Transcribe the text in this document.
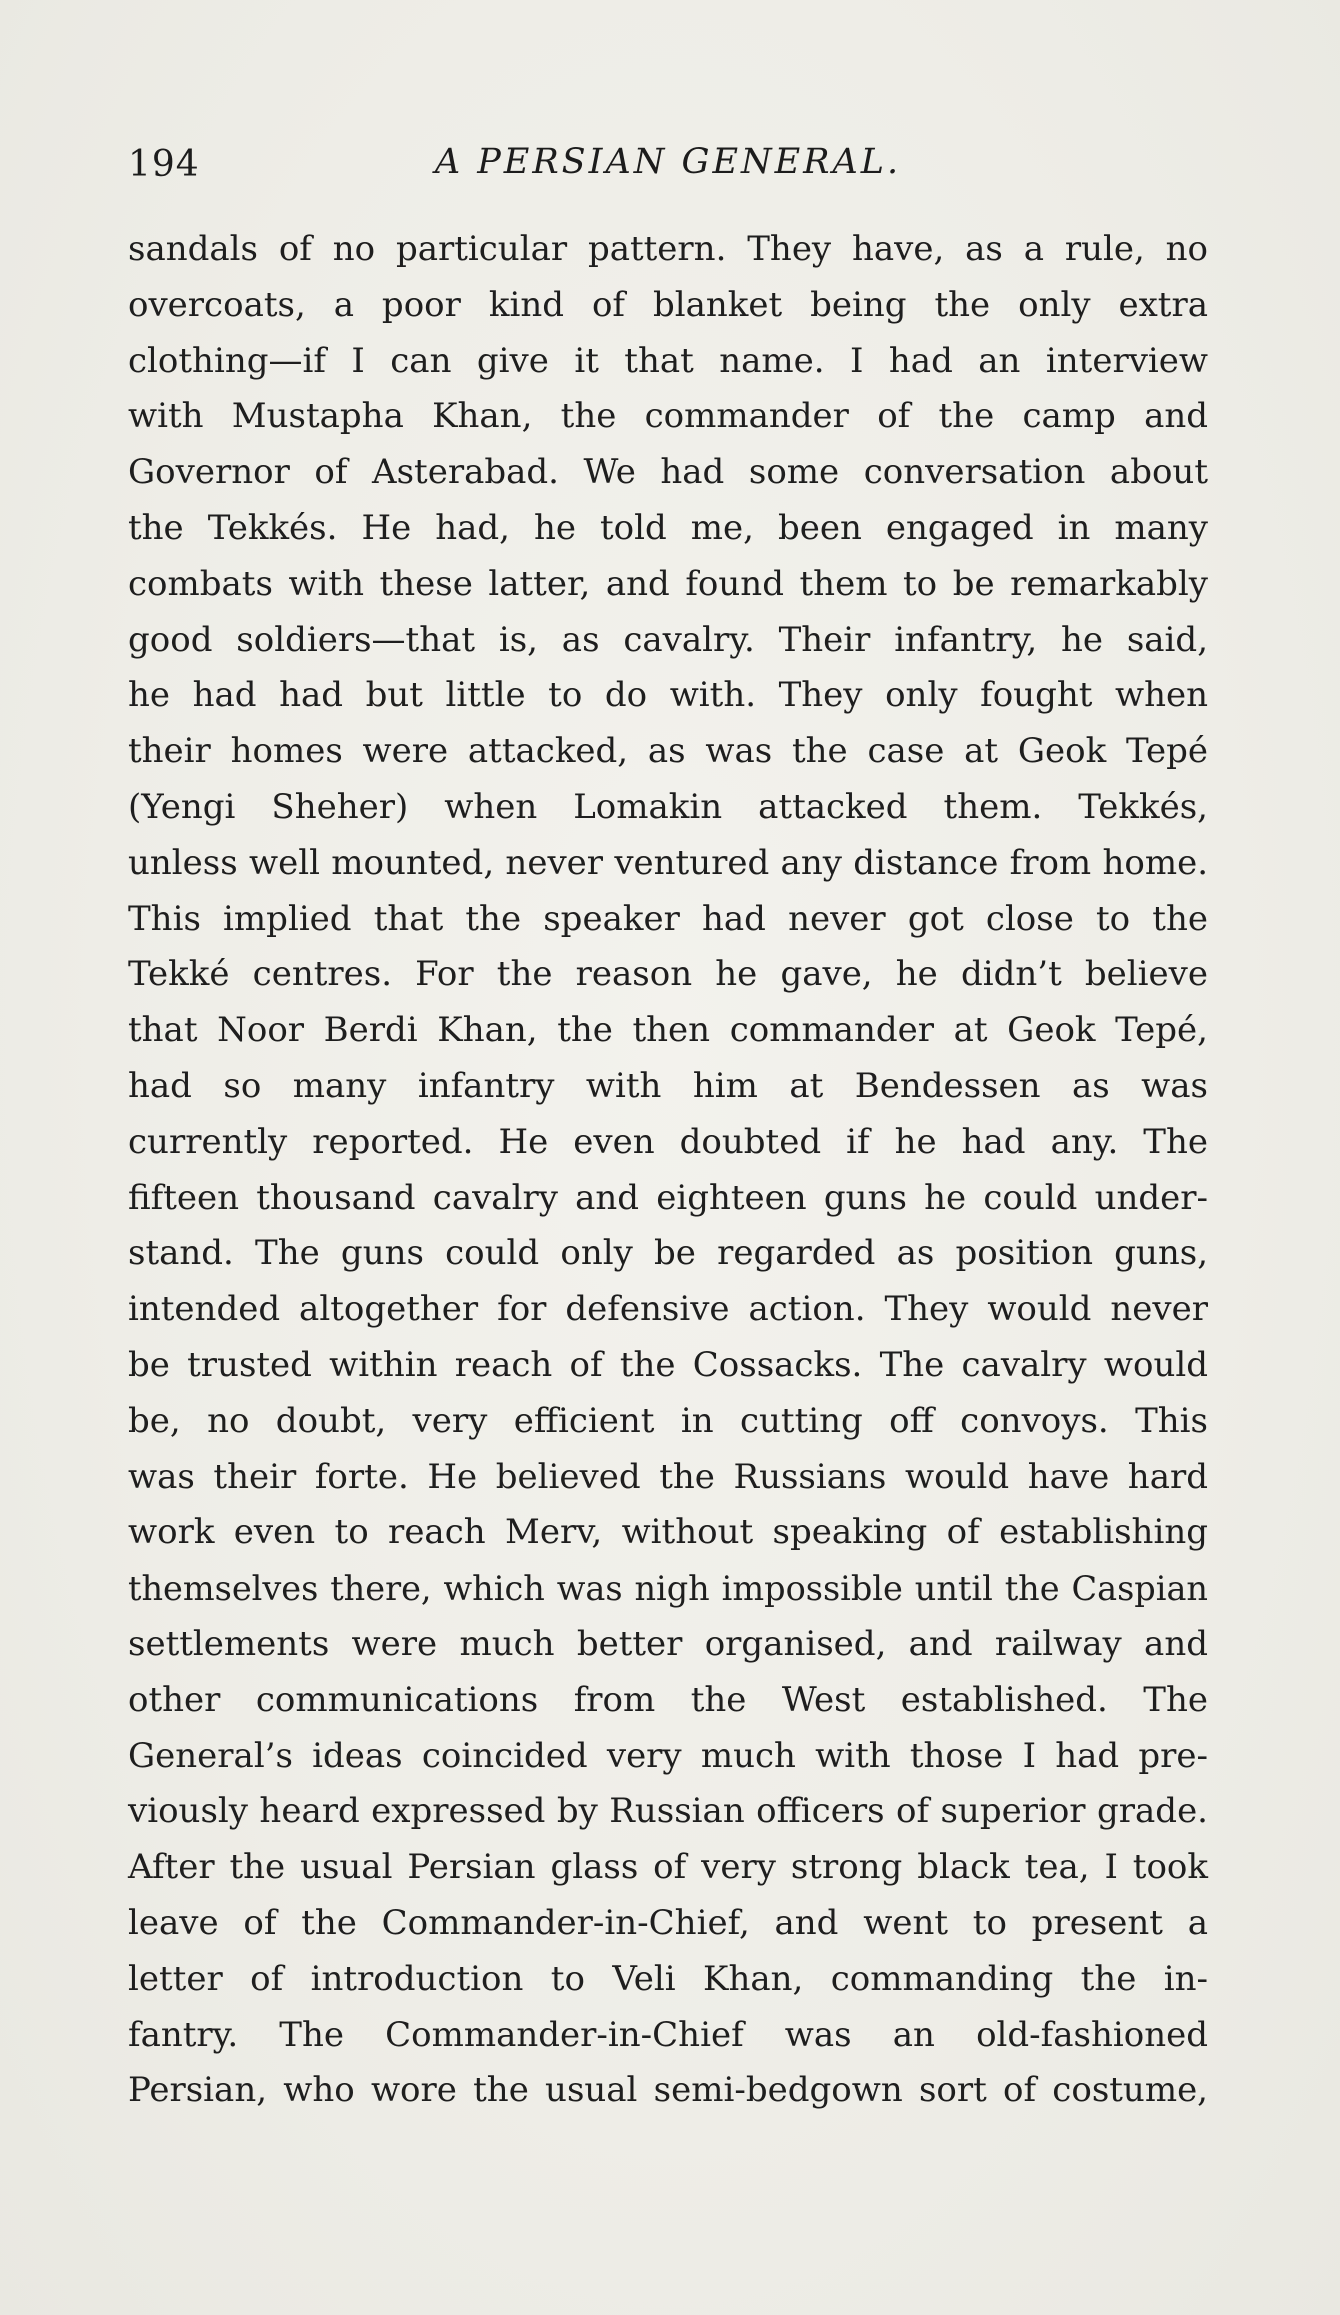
194	A PERSIAN GENERAL.
sandals of no particular pattern. They have, as a rule, no
overcoats, a poor kind of blanket being the only extra
clothing—if I can give it that name. I had an interview
with Mustapha Khan, the commander of the camp and
Governor of Asterabad. We had some conversation about
the Tekkés. He had, he told me, been engaged in many
combats with these latter, and found them to be remarkably
good soldiers—that is, as cavalry. Their infantry, he said,
he had had but little to do with. They only fought when
their homes were attacked, as was the case at Geok Tepé
(Yengi Sheher) when Lomakin attacked them. Tekkés,
unless well mounted, never ventured any distance from home.
This implied that the speaker had never got close to the
Tekké centres. For the reason he gave, he didn’t believe
that Noor Berdi Khan, the then commander at Geok Tepé,
had so many infantry with him at Bendessen as was
currently reported. He even doubted if he had any. The
fifteen thousand cavalry and eighteen guns he could under-
stand. The guns could only be regarded as position guns,
intended altogether for defensive action. They would never
be trusted within reach of the Cossacks. The cavalry would
be, no doubt, very efficient in cutting off convoys. This
was their forte. He believed the Russians would have hard
work even to reach Merv, without speaking of establishing
themselves there, which was nigh impossible until the Caspian
settlements were much better organised, and railway and
other communications from the West established. The
General’s ideas coincided very much with those I had pre-
viously heard expressed by Russian officers of superior grade.
After the usual Persian glass of very strong black tea, I took
leave of the Commander-in-Chief, and went to present a
letter of introduction to Veli Khan, commanding the in-
fantry. The Commander-in-Chief was an old-fashioned
Persian, who wore the usual semi-bedgown sort of costume,
